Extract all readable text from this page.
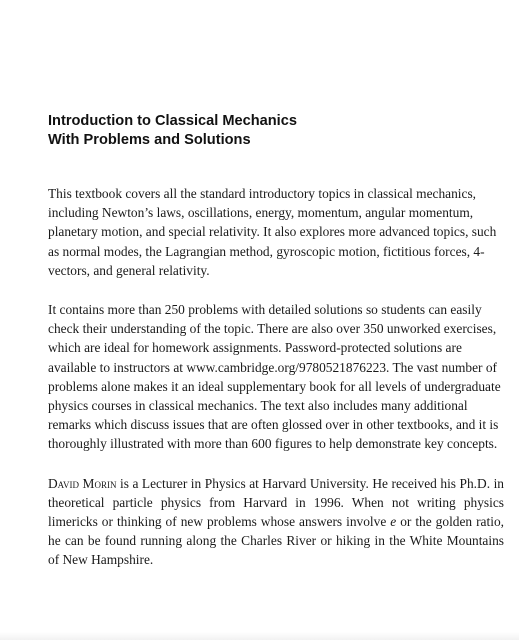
Introduction to Classical Mechanics
With Problems and Solutions

This textbook covers all the standard introductory topics in classical mechanics, including Newton’s laws, oscillations, energy, momentum, angular momentum, planetary motion, and special relativity. It also explores more advanced topics, such as normal modes, the Lagrangian method, gyroscopic motion, fictitious forces, 4-vectors, and general relativity.

It contains more than 250 problems with detailed solutions so students can easily check their understanding of the topic. There are also over 350 unworked exercises, which are ideal for homework assignments. Password-protected solutions are available to instructors at www.cambridge.org/9780521876223. The vast number of problems alone makes it an ideal supplementary book for all levels of undergraduate physics courses in classical mechanics. The text also includes many additional remarks which discuss issues that are often glossed over in other textbooks, and it is thoroughly illustrated with more than 600 figures to help demonstrate key concepts.

David Morin is a Lecturer in Physics at Harvard University. He received his Ph.D. in theoretical particle physics from Harvard in 1996. When not writing physics limericks or thinking of new problems whose answers involve e or the golden ratio, he can be found running along the Charles River or hiking in the White Mountains of New Hampshire.
